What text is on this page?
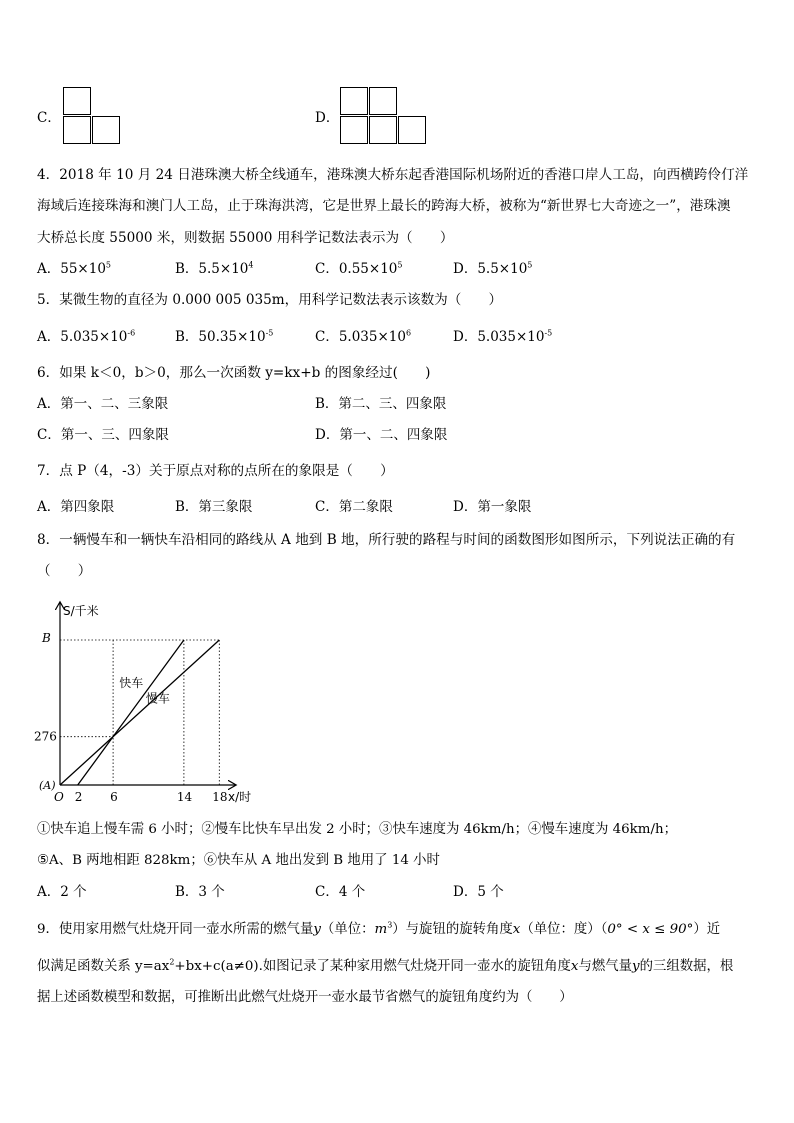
C．	D．
4．2018 年 10 月 24 日港珠澳大桥全线通车，港珠澳大桥东起香港国际机场附近的香港口岸人工岛，向西横跨伶仃洋
海域后连接珠海和澳门人工岛，止于珠海洪湾，它是世界上最长的跨海大桥，被称为“新世界七大奇迹之一”，港珠澳
大桥总长度 55000 米，则数据 55000 用科学记数法表示为（　　）
A．$55\times 10^5$	B．$5.5\times 10^4$	C．$0.55\times 10^5$	D．$5.5\times 10^5$
5．某微生物的直径为 0.000 005 035m，用科学记数法表示该数为（　　）
A．$5.035\times 10^{-6}$	B．$50.35\times 10^{-5}$	C．$5.035\times 10^6$	D．$5.035\times 10^{-5}$
6．如果 k＜0，b＞0，那么一次函数 y=kx+b 的图象经过(　　)
A．第一、二、三象限	B．第二、三、四象限
C．第一、三、四象限	D．第一、二、四象限
7．点 P（4，-3）关于原点对称的点所在的象限是（　　）
A．第四象限	B．第三象限	C．第二象限	D．第一象限
8．一辆慢车和一辆快车沿相同的路线从 A 地到 B 地，所行驶的路程与时间的函数图形如图所示，下列说法正确的有
（　　）
快车
慢车
2 6	14 18
276
S/千米
x/时
O
(A)
B
①快车追上慢车需 6 小时；②慢车比快车早出发 2 小时；③快车速度为 46km/h；④慢车速度为 46km/h；
⑤A、B 两地相距 828km；⑥快车从 A 地出发到 B 地用了 14 小时
A．2 个	B．3 个	C．4 个	D．5 个
9．使用家用燃气灶烧开同一壶水所需的燃气量y（单位：$m^3$）与旋钮的旋转角度x（单位：度）（0° < x ≤ 90°）近
似满足函数关系 $y=ax^2+bx+c(a\ne 0)$.如图记录了某种家用燃气灶烧开同一壶水的旋钮角度x与燃气量y的三组数据，根
据上述函数模型和数据，可推断出此燃气灶烧开一壶水最节省燃气的旋钮角度约为（　　）
